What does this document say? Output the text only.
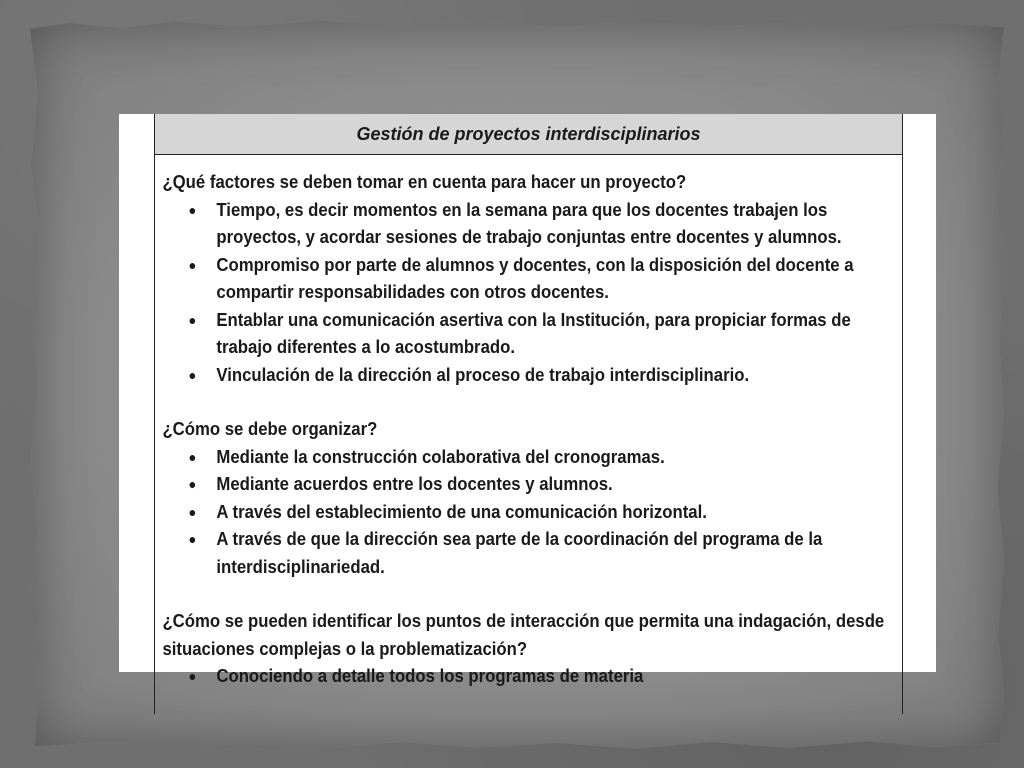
Gestión de proyectos interdisciplinarios

¿Qué factores se deben tomar en cuenta para hacer un proyecto?

● Tiempo, es decir momentos en la semana para que los docentes trabajen los proyectos, y acordar sesiones de trabajo conjuntas entre docentes y alumnos.
● Compromiso por parte de alumnos y docentes, con la disposición del docente a compartir responsabilidades con otros docentes.
● Entablar una comunicación asertiva con la Institución, para propiciar formas de trabajo diferentes a lo acostumbrado.
● Vinculación de la dirección al proceso de trabajo interdisciplinario.

¿Cómo se debe organizar?

● Mediante la construcción colaborativa del cronogramas.
● Mediante acuerdos entre los docentes y alumnos.
● A través del establecimiento de una comunicación horizontal.
● A través de que la dirección sea parte de la coordinación del programa de la interdisciplinariedad.

¿Cómo se pueden identificar los puntos de interacción que permita una indagación, desde situaciones complejas o la problematización?

● Conociendo a detalle todos los programas de materia
